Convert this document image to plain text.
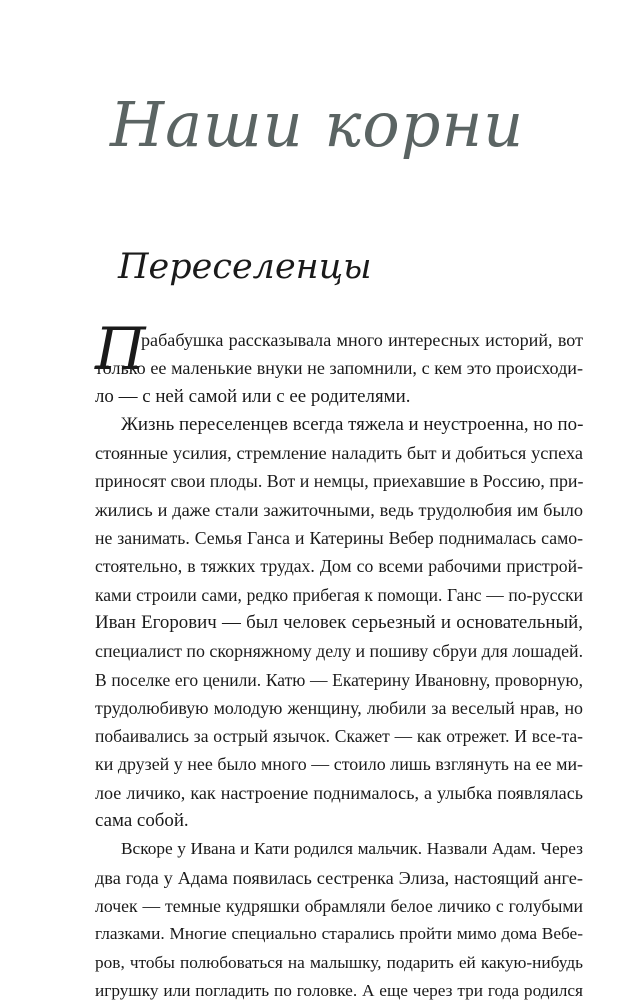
Наши корни
Переселенцы
П
рабабушка рассказывала много интересных историй, вот
только ее маленькие внуки не запомнили, с кем это происходи-
ло — с ней самой или с ее родителями.
Жизнь переселенцев всегда тяжела и неустроенна, но по-
стоянные усилия, стремление наладить быт и добиться успеха
приносят свои плоды. Вот и немцы, приехавшие в Россию, при-
жились и даже стали зажиточными, ведь трудолюбия им было
не занимать. Семья Ганса и Катерины Вебер поднималась само-
стоятельно, в тяжких трудах. Дом со всеми рабочими пристрой-
ками строили сами, редко прибегая к помощи. Ганс — по-русски
Иван Егорович — был человек серьезный и основательный,
специалист по скорняжному делу и пошиву сбруи для лошадей.
В поселке его ценили. Катю — Екатерину Ивановну, проворную,
трудолюбивую молодую женщину, любили за веселый нрав, но
побаивались за острый язычок. Скажет — как отрежет. И все-та-
ки друзей у нее было много — стоило лишь взглянуть на ее ми-
лое личико, как настроение поднималось, а улыбка появлялась
сама собой.
Вскоре у Ивана и Кати родился мальчик. Назвали Адам. Через
два года у Адама появилась сестренка Элиза, настоящий анге-
лочек — темные кудряшки обрамляли белое личико с голубыми
глазками. Многие специально старались пройти мимо дома Вебе-
ров, чтобы полюбоваться на малышку, подарить ей какую-нибудь
игрушку или погладить по головке. А еще через три года родился
